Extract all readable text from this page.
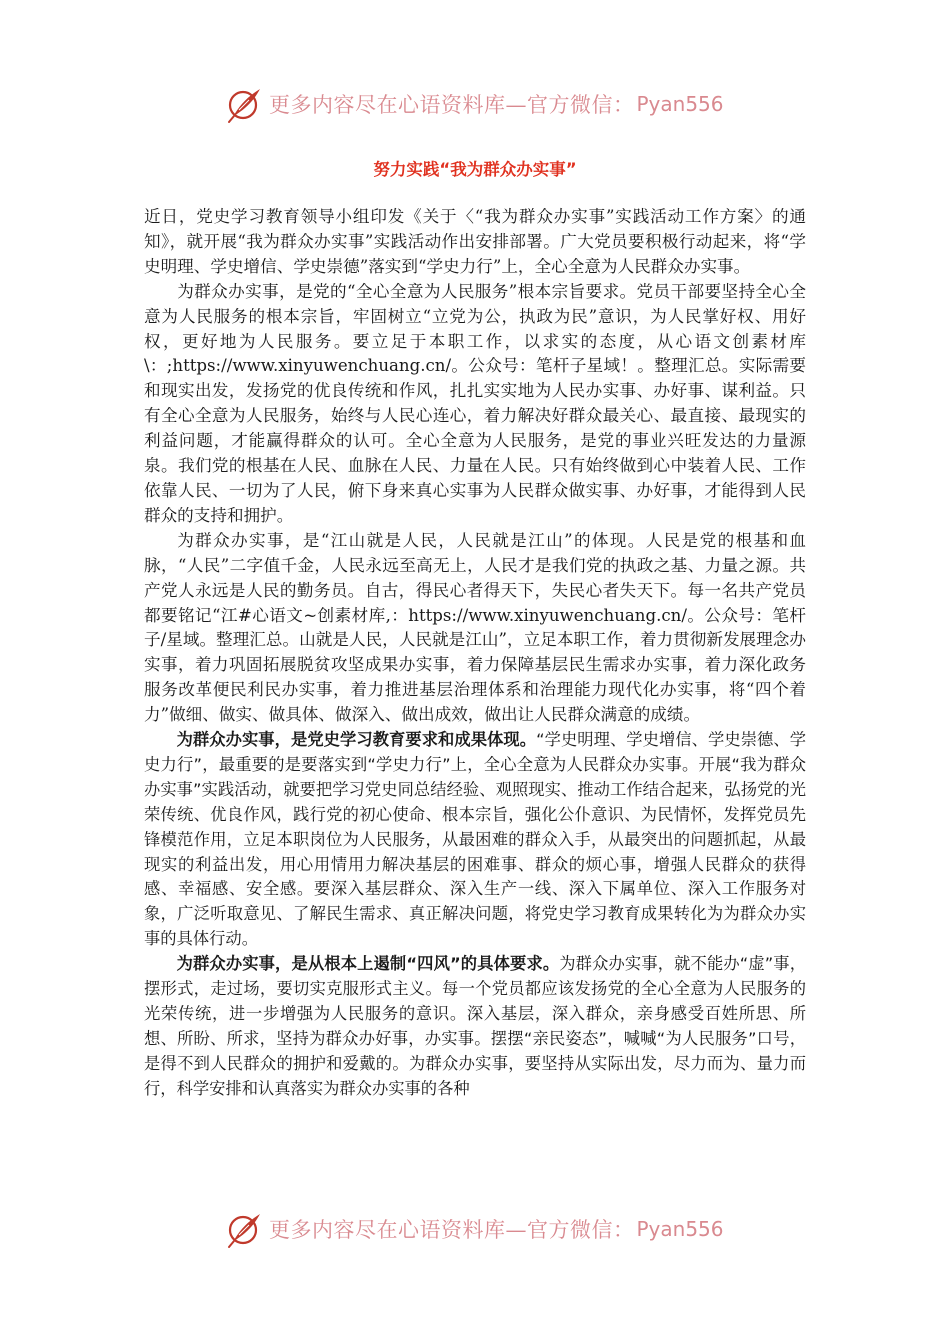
更多内容尽在心语资料库—官方微信： Pyan556
努力实践“我为群众办实事”

近日，党史学习教育领导小组印发《关于〈“我为群众办实事”实践活动工作方案〉的通知》，就开展“我为群众办实事”实践活动作出安排部署。广大党员要积极行动起来，将“学史明理、学史增信、学史崇德”落实到“学史力行”上，全心全意为人民群众办实事。

为群众办实事，是党的“全心全意为人民服务”根本宗旨要求。党员干部要坚持全心全意为人民服务的根本宗旨，牢固树立“立党为公，执政为民”意识，为人民掌好权、用好权，更好地为人民服务。要立足于本职工作，以求实的态度，从心语文创素材库\：;https://www.xinyuwenchuang.cn/。公众号：笔杆子星域！。整理汇总。实际需要和现实出发，发扬党的优良传统和作风，扎扎实实地为人民办实事、办好事、谋利益。只有全心全意为人民服务，始终与人民心连心，着力解决好群众最关心、最直接、最现实的利益问题，才能赢得群众的认可。全心全意为人民服务，是党的事业兴旺发达的力量源泉。我们党的根基在人民、血脉在人民、力量在人民。只有始终做到心中装着人民、工作依靠人民、一切为了人民，俯下身来真心实事为人民群众做实事、办好事，才能得到人民群众的支持和拥护。

为群众办实事，是“江山就是人民，人民就是江山”的体现。人民是党的根基和血脉，“人民”二字值千金，人民永远至高无上，人民才是我们党的执政之基、力量之源。共产党人永远是人民的勤务员。自古，得民心者得天下，失民心者失天下。每一名共产党员都要铭记“江#心语文~创素材库,：https://www.xinyuwenchuang.cn/。公众号：笔杆子/星域。整理汇总。山就是人民，人民就是江山”，立足本职工作，着力贯彻新发展理念办实事，着力巩固拓展脱贫攻坚成果办实事，着力保障基层民生需求办实事，着力深化政务服务改革便民利民办实事，着力推进基层治理体系和治理能力现代化办实事，将“四个着力”做细、做实、做具体、做深入、做出成效，做出让人民群众满意的成绩。

为群众办实事，是党史学习教育要求和成果体现。“学史明理、学史增信、学史崇德、学史力行”，最重要的是要落实到“学史力行”上，全心全意为人民群众办实事。开展“我为群众办实事”实践活动，就要把学习党史同总结经验、观照现实、推动工作结合起来，弘扬党的光荣传统、优良作风，践行党的初心使命、根本宗旨，强化公仆意识、为民情怀，发挥党员先锋模范作用，立足本职岗位为人民服务，从最困难的群众入手，从最突出的问题抓起，从最现实的利益出发，用心用情用力解决基层的困难事、群众的烦心事，增强人民群众的获得感、幸福感、安全感。要深入基层群众、深入生产一线、深入下属单位、深入工作服务对象，广泛听取意见、了解民生需求、真正解决问题，将党史学习教育成果转化为为群众办实事的具体行动。

为群众办实事，是从根本上遏制“四风”的具体要求。为群众办实事，就不能办“虚”事，摆形式，走过场，要切实克服形式主义。每一个党员都应该发扬党的全心全意为人民服务的光荣传统，进一步增强为人民服务的意识。深入基层，深入群众，亲身感受百姓所思、所想、所盼、所求，坚持为群众办好事，办实事。摆摆“亲民姿态”，喊喊“为人民服务”口号，是得不到人民群众的拥护和爱戴的。为群众办实事，要坚持从实际出发，尽力而为、量力而行，科学安排和认真落实为群众办实事的各种

更多内容尽在心语资料库—官方微信： Pyan556
